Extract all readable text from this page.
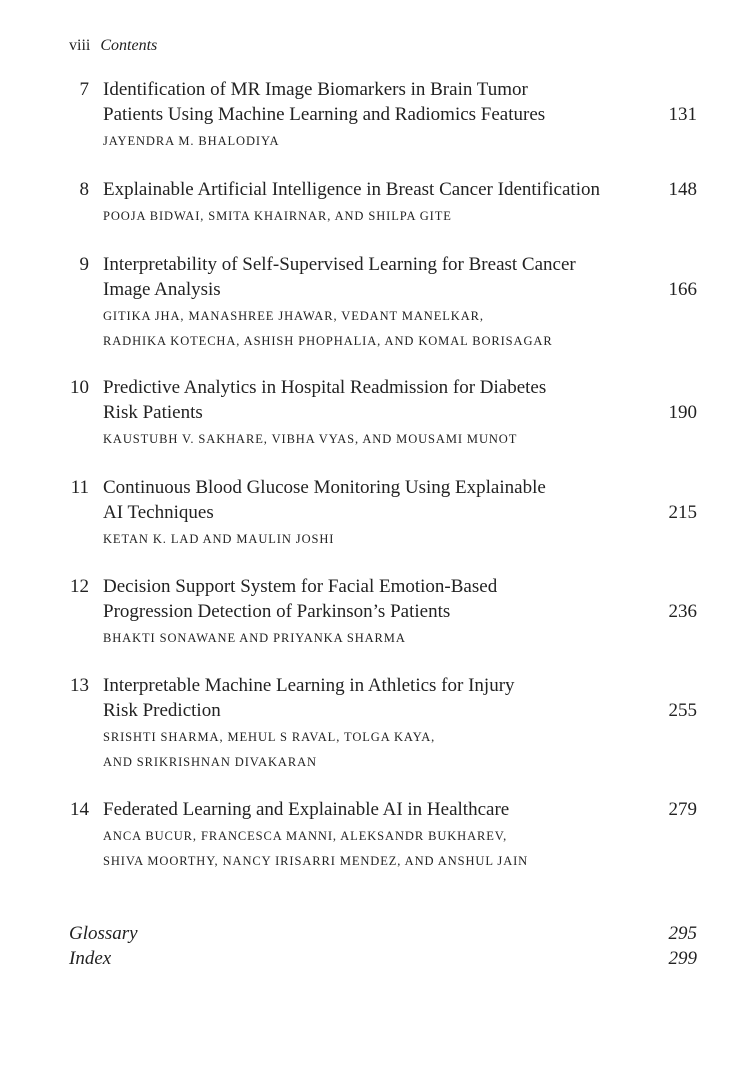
viii Contents
7 Identification of MR Image Biomarkers in Brain Tumor
Patients Using Machine Learning and Radiomics Features
JAYENDRA M. BHALODIYA
131
8 Explainable Artificial Intelligence in Breast Cancer Identification
POOJA BIDWAI, SMITA KHAIRNAR, AND SHILPA GITE
148
9 Interpretability of Self-Supervised Learning for Breast Cancer
Image Analysis
GITIKA JHA, MANASHREE JHAWAR, VEDANT MANELKAR,
RADHIKA KOTECHA, ASHISH PHOPHALIA, AND KOMAL BORISAGAR
166
10 Predictive Analytics in Hospital Readmission for Diabetes
Risk Patients
KAUSTUBH V. SAKHARE, VIBHA VYAS, AND MOUSAMI MUNOT
190
11 Continuous Blood Glucose Monitoring Using Explainable
AI Techniques
KETAN K. LAD AND MAULIN JOSHI
215
12 Decision Support System for Facial Emotion-Based
Progression Detection of Parkinson’s Patients
BHAKTI SONAWANE AND PRIYANKA SHARMA
236
13 Interpretable Machine Learning in Athletics for Injury
Risk Prediction
SRISHTI SHARMA, MEHUL S RAVAL, TOLGA KAYA,
AND SRIKRISHNAN DIVAKARAN
255
14 Federated Learning and Explainable AI in Healthcare
ANCA BUCUR, FRANCESCA MANNI, ALEKSANDR BUKHAREV,
SHIVA MOORTHY, NANCY IRISARRI MENDEZ, AND ANSHUL JAIN
279
Glossary	295
Index	299
